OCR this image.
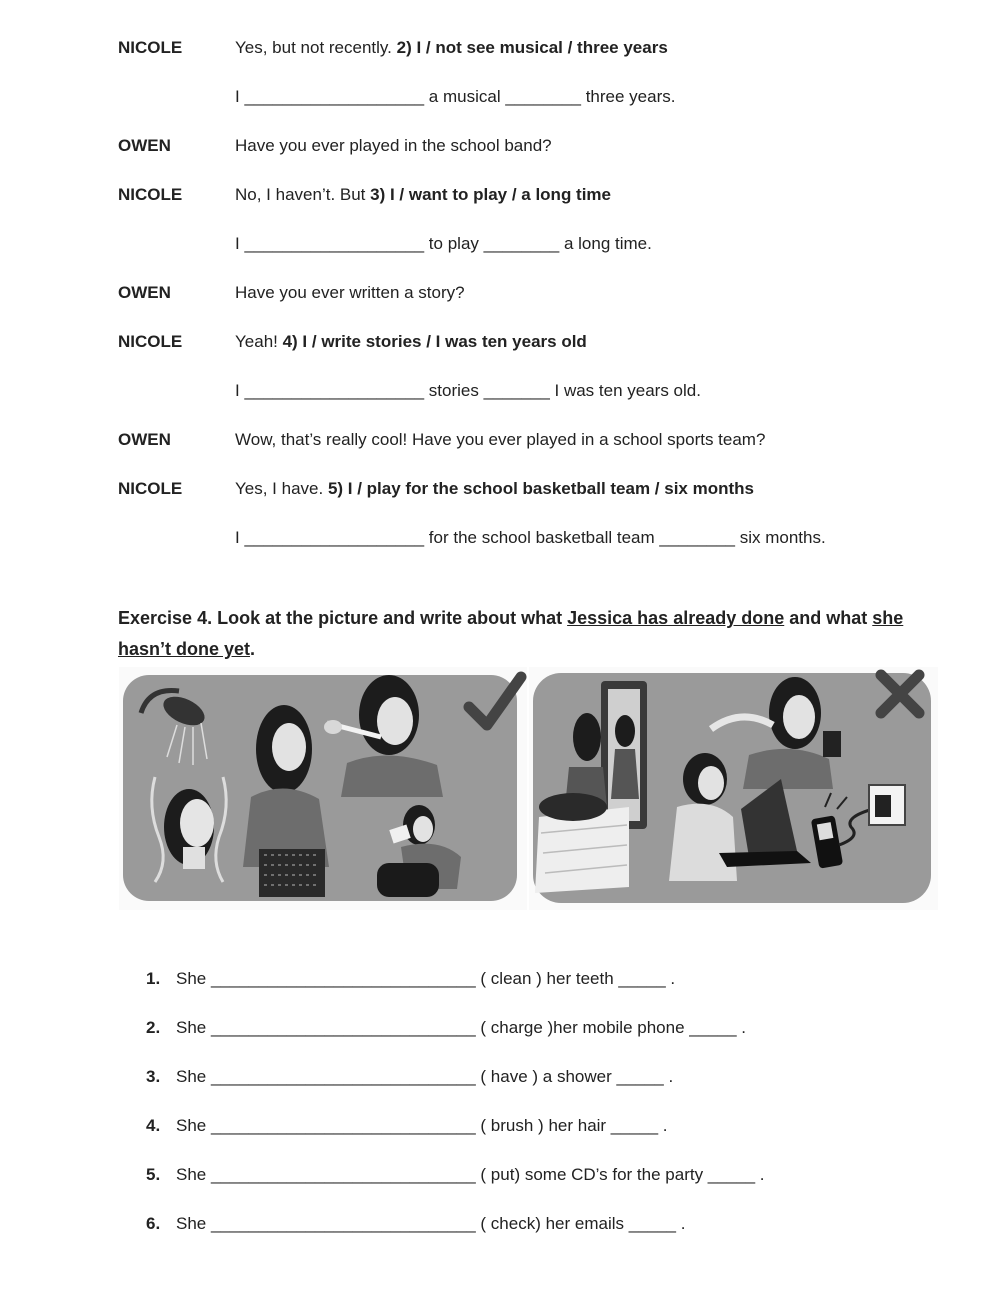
NICOLE	Yes, but not recently. 2) I / not see musical / three years
I ___________________ a musical ________ three years.
OWEN	Have you ever played in the school band?
NICOLE	No, I haven’t. But 3) I / want to play / a long time
I ___________________ to play ________ a long time.
OWEN	Have you ever written a story?
NICOLE	Yeah! 4) I / write stories / I was ten years old
I ___________________ stories _______ I was ten years old.
OWEN	Wow, that’s really cool! Have you ever played in a school sports team?
NICOLE	Yes, I have. 5) I / play for the school basketball team / six months
I ___________________ for the school basketball team ________ six months.
Exercise 4. Look at the picture and write about what Jessica has already done and what she hasn’t done yet.
1. She ____________________________ ( clean ) her teeth _____ .
2. She ____________________________ ( charge )her mobile phone _____ .
3. She ____________________________ ( have ) a shower _____ .
4. She ____________________________ ( brush ) her hair _____ .
5. She ____________________________ ( put) some CD’s for the party _____ .
6. She ____________________________ ( check) her emails _____ .
